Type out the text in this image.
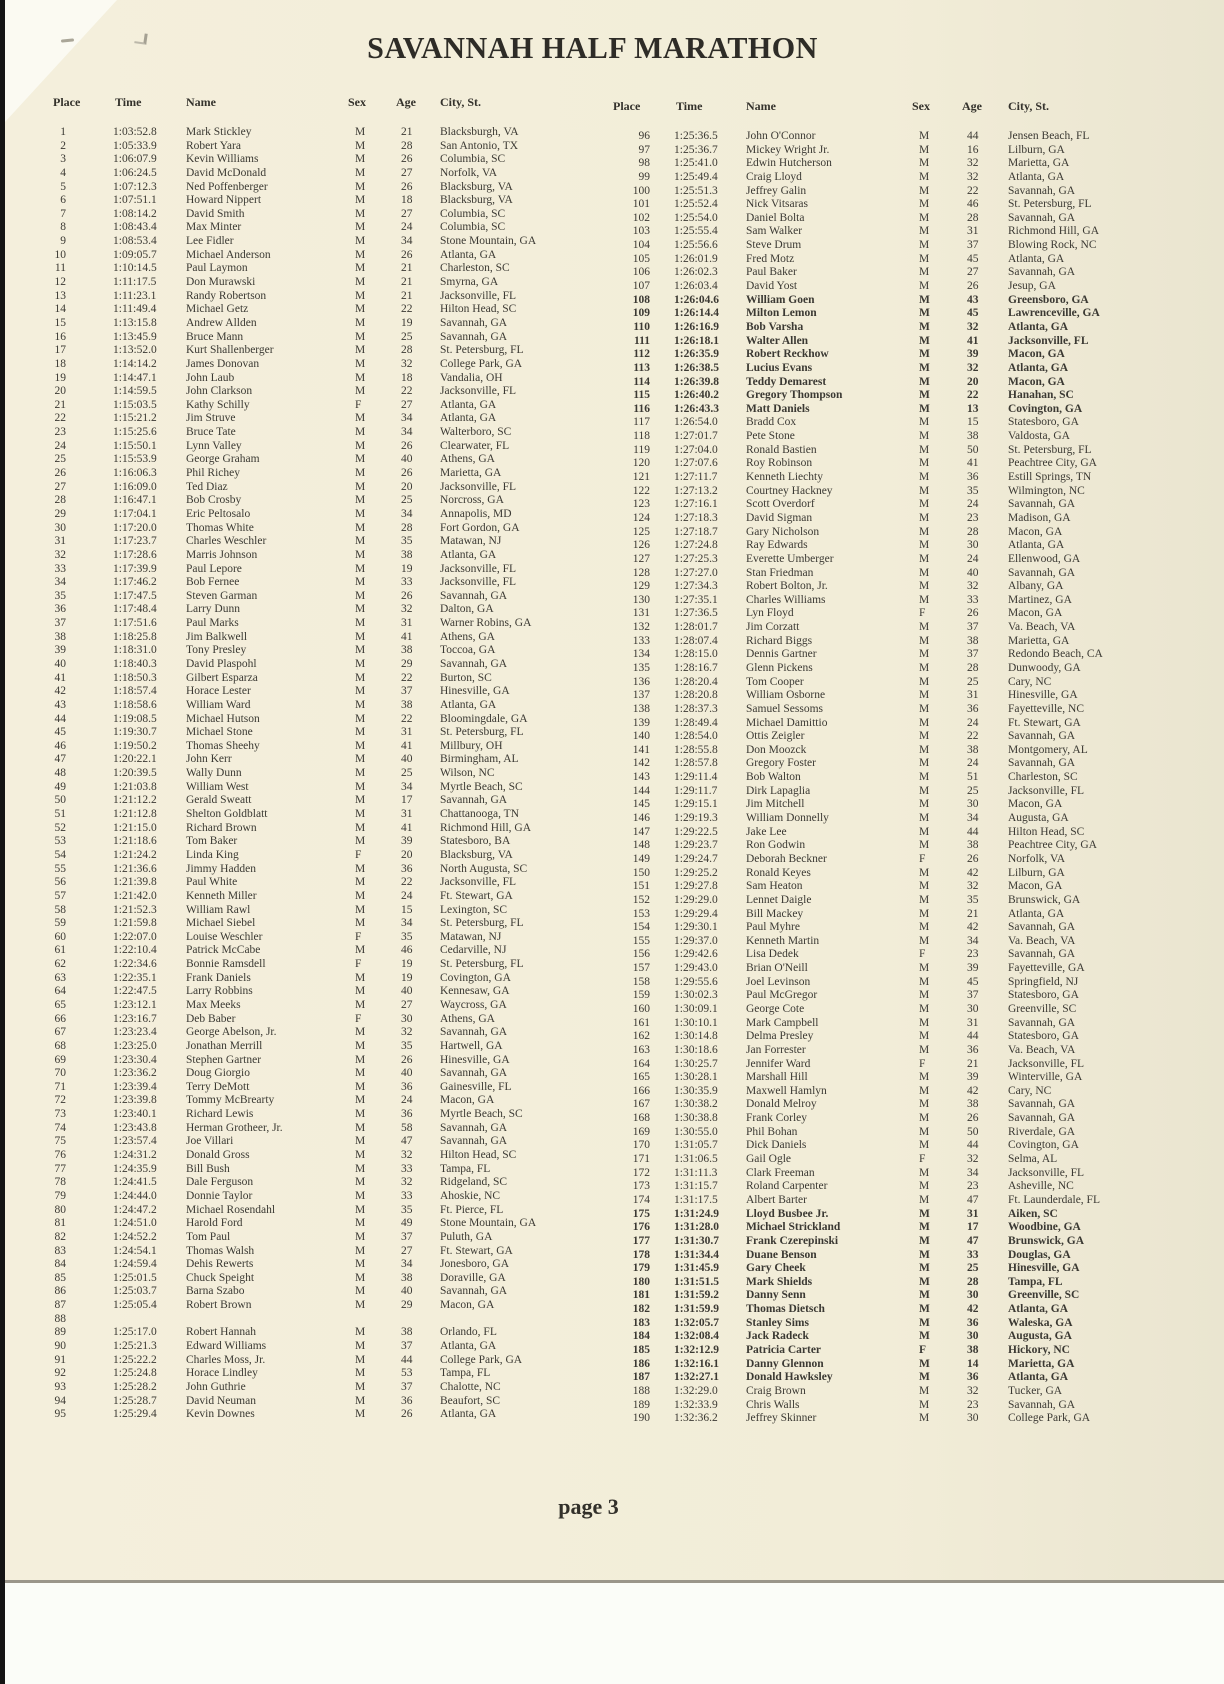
SAVANNAH HALF MARATHON
Place	Time	Name	Sex	Age	City, St.
1	1:03:52.8	Mark Stickley	M	21	Blacksburgh, VA
2	1:05:33.9	Robert Yara	M	28	San Antonio, TX
3	1:06:07.9	Kevin Williams	M	26	Columbia, SC
4	1:06:24.5	David McDonald	M	27	Norfolk, VA
5	1:07:12.3	Ned Poffenberger	M	26	Blacksburg, VA
6	1:07:51.1	Howard Nippert	M	18	Blacksburg, VA
7	1:08:14.2	David Smith	M	27	Columbia, SC
8	1:08:43.4	Max Minter	M	24	Columbia, SC
9	1:08:53.4	Lee Fidler	M	34	Stone Mountain, GA
10	1:09:05.7	Michael Anderson	M	26	Atlanta, GA
11	1:10:14.5	Paul Laymon	M	21	Charleston, SC
12	1:11:17.5	Don Murawski	M	21	Smyrna, GA
13	1:11:23.1	Randy Robertson	M	21	Jacksonville, FL
14	1:11:49.4	Michael Getz	M	22	Hilton Head, SC
15	1:13:15.8	Andrew Allden	M	19	Savannah, GA
16	1:13:45.9	Bruce Mann	M	25	Savannah, GA
17	1:13:52.0	Kurt Shallenberger	M	28	St. Petersburg, FL
18	1:14:14.2	James Donovan	M	32	College Park, GA
19	1:14:47.1	John Laub	M	18	Vandalia, OH
20	1:14:59.5	John Clarkson	M	22	Jacksonville, FL
21	1:15:03.5	Kathy Schilly	F	27	Atlanta, GA
22	1:15:21.2	Jim Struve	M	34	Atlanta, GA
23	1:15:25.6	Bruce Tate	M	34	Walterboro, SC
24	1:15:50.1	Lynn Valley	M	26	Clearwater, FL
25	1:15:53.9	George Graham	M	40	Athens, GA
26	1:16:06.3	Phil Richey	M	26	Marietta, GA
27	1:16:09.0	Ted Diaz	M	20	Jacksonville, FL
28	1:16:47.1	Bob Crosby	M	25	Norcross, GA
29	1:17:04.1	Eric Peltosalo	M	34	Annapolis, MD
30	1:17:20.0	Thomas White	M	28	Fort Gordon, GA
31	1:17:23.7	Charles Weschler	M	35	Matawan, NJ
32	1:17:28.6	Marris Johnson	M	38	Atlanta, GA
33	1:17:39.9	Paul Lepore	M	19	Jacksonville, FL
34	1:17:46.2	Bob Fernee	M	33	Jacksonville, FL
35	1:17:47.5	Steven Garman	M	26	Savannah, GA
36	1:17:48.4	Larry Dunn	M	32	Dalton, GA
37	1:17:51.6	Paul Marks	M	31	Warner Robins, GA
38	1:18:25.8	Jim Balkwell	M	41	Athens, GA
39	1:18:31.0	Tony Presley	M	38	Toccoa, GA
40	1:18:40.3	David Plaspohl	M	29	Savannah, GA
41	1:18:50.3	Gilbert Esparza	M	22	Burton, SC
42	1:18:57.4	Horace Lester	M	37	Hinesville, GA
43	1:18:58.6	William Ward	M	38	Atlanta, GA
44	1:19:08.5	Michael Hutson	M	22	Bloomingdale, GA
45	1:19:30.7	Michael Stone	M	31	St. Petersburg, FL
46	1:19:50.2	Thomas Sheehy	M	41	Millbury, OH
47	1:20:22.1	John Kerr	M	40	Birmingham, AL
48	1:20:39.5	Wally Dunn	M	25	Wilson, NC
49	1:21:03.8	William West	M	34	Myrtle Beach, SC
50	1:21:12.2	Gerald Sweatt	M	17	Savannah, GA
51	1:21:12.8	Shelton Goldblatt	M	31	Chattanooga, TN
52	1:21:15.0	Richard Brown	M	41	Richmond Hill, GA
53	1:21:18.6	Tom Baker	M	39	Statesboro, BA
54	1:21:24.2	Linda King	F	20	Blacksburg, VA
55	1:21:36.6	Jimmy Hadden	M	36	North Augusta, SC
56	1:21:39.8	Paul White	M	22	Jacksonville, FL
57	1:21:42.0	Kenneth Miller	M	24	Ft. Stewart, GA
58	1:21:52.3	William Rawl	M	15	Lexington, SC
59	1:21:59.8	Michael Siebel	M	34	St. Petersburg, FL
60	1:22:07.0	Louise Weschler	F	35	Matawan, NJ
61	1:22:10.4	Patrick McCabe	M	46	Cedarville, NJ
62	1:22:34.6	Bonnie Ramsdell	F	19	St. Petersburg, FL
63	1:22:35.1	Frank Daniels	M	19	Covington, GA
64	1:22:47.5	Larry Robbins	M	40	Kennesaw, GA
65	1:23:12.1	Max Meeks	M	27	Waycross, GA
66	1:23:16.7	Deb Baber	F	30	Athens, GA
67	1:23:23.4	George Abelson, Jr.	M	32	Savannah, GA
68	1:23:25.0	Jonathan Merrill	M	35	Hartwell, GA
69	1:23:30.4	Stephen Gartner	M	26	Hinesville, GA
70	1:23:36.2	Doug Giorgio	M	40	Savannah, GA
71	1:23:39.4	Terry DeMott	M	36	Gainesville, FL
72	1:23:39.8	Tommy McBrearty	M	24	Macon, GA
73	1:23:40.1	Richard Lewis	M	36	Myrtle Beach, SC
74	1:23:43.8	Herman Grotheer, Jr.	M	58	Savannah, GA
75	1:23:57.4	Joe Villari	M	47	Savannah, GA
76	1:24:31.2	Donald Gross	M	32	Hilton Head, SC
77	1:24:35.9	Bill Bush	M	33	Tampa, FL
78	1:24:41.5	Dale Ferguson	M	32	Ridgeland, SC
79	1:24:44.0	Donnie Taylor	M	33	Ahoskie, NC
80	1:24:47.2	Michael Rosendahl	M	35	Ft. Pierce, FL
81	1:24:51.0	Harold Ford	M	49	Stone Mountain, GA
82	1:24:52.2	Tom Paul	M	37	Puluth, GA
83	1:24:54.1	Thomas Walsh	M	27	Ft. Stewart, GA
84	1:24:59.4	Dehis Rewerts	M	34	Jonesboro, GA
85	1:25:01.5	Chuck Speight	M	38	Doraville, GA
86	1:25:03.7	Barna Szabo	M	40	Savannah, GA
87	1:25:05.4	Robert Brown	M	29	Macon, GA
88
89	1:25:17.0	Robert Hannah	M	38	Orlando, FL
90	1:25:21.3	Edward Williams	M	37	Atlanta, GA
91	1:25:22.2	Charles Moss, Jr.	M	44	College Park, GA
92	1:25:24.8	Horace Lindley	M	53	Tampa, FL
93	1:25:28.2	John Guthrie	M	37	Chalotte, NC
94	1:25:28.7	David Neuman	M	36	Beaufort, SC
95	1:25:29.4	Kevin Downes	M	26	Atlanta, GA
Place	Time	Name	Sex	Age	City, St.
96	1:25:36.5	John O'Connor	M	44	Jensen Beach, FL
97	1:25:36.7	Mickey Wright Jr.	M	16	Lilburn, GA
98	1:25:41.0	Edwin Hutcherson	M	32	Marietta, GA
99	1:25:49.4	Craig Lloyd	M	32	Atlanta, GA
100	1:25:51.3	Jeffrey Galin	M	22	Savannah, GA
101	1:25:52.4	Nick Vitsaras	M	46	St. Petersburg, FL
102	1:25:54.0	Daniel Bolta	M	28	Savannah, GA
103	1:25:55.4	Sam Walker	M	31	Richmond Hill, GA
104	1:25:56.6	Steve Drum	M	37	Blowing Rock, NC
105	1:26:01.9	Fred Motz	M	45	Atlanta, GA
106	1:26:02.3	Paul Baker	M	27	Savannah, GA
107	1:26:03.4	David Yost	M	26	Jesup, GA
108	1:26:04.6	William Goen	M	43	Greensboro, GA
109	1:26:14.4	Milton Lemon	M	45	Lawrenceville, GA
110	1:26:16.9	Bob Varsha	M	32	Atlanta, GA
111	1:26:18.1	Walter Allen	M	41	Jacksonville, FL
112	1:26:35.9	Robert Reckhow	M	39	Macon, GA
113	1:26:38.5	Lucius Evans	M	32	Atlanta, GA
114	1:26:39.8	Teddy Demarest	M	20	Macon, GA
115	1:26:40.2	Gregory Thompson	M	22	Hanahan, SC
116	1:26:43.3	Matt Daniels	M	13	Covington, GA
117	1:26:54.0	Bradd Cox	M	15	Statesboro, GA
118	1:27:01.7	Pete Stone	M	38	Valdosta, GA
119	1:27:04.0	Ronald Bastien	M	50	St. Petersburg, FL
120	1:27:07.6	Roy Robinson	M	41	Peachtree City, GA
121	1:27:11.7	Kenneth Liechty	M	36	Estill Springs, TN
122	1:27:13.2	Courtney Hackney	M	35	Wilmington, NC
123	1:27:16.1	Scott Overdorf	M	24	Savannah, GA
124	1:27:18.3	David Sigman	M	23	Madison, GA
125	1:27:18.7	Gary Nicholson	M	28	Macon, GA
126	1:27:24.8	Ray Edwards	M	30	Atlanta, GA
127	1:27:25.3	Everette Umberger	M	24	Ellenwood, GA
128	1:27:27.0	Stan Friedman	M	40	Savannah, GA
129	1:27:34.3	Robert Bolton, Jr.	M	32	Albany, GA
130	1:27:35.1	Charles Williams	M	33	Martinez, GA
131	1:27:36.5	Lyn Floyd	F	26	Macon, GA
132	1:28:01.7	Jim Corzatt	M	37	Va. Beach, VA
133	1:28:07.4	Richard Biggs	M	38	Marietta, GA
134	1:28:15.0	Dennis Gartner	M	37	Redondo Beach, CA
135	1:28:16.7	Glenn Pickens	M	28	Dunwoody, GA
136	1:28:20.4	Tom Cooper	M	25	Cary, NC
137	1:28:20.8	William Osborne	M	31	Hinesville, GA
138	1:28:37.3	Samuel Sessoms	M	36	Fayetteville, NC
139	1:28:49.4	Michael Damittio	M	24	Ft. Stewart, GA
140	1:28:54.0	Ottis Zeigler	M	22	Savannah, GA
141	1:28:55.8	Don Moozck	M	38	Montgomery, AL
142	1:28:57.8	Gregory Foster	M	24	Savannah, GA
143	1:29:11.4	Bob Walton	M	51	Charleston, SC
144	1:29:11.7	Dirk Lapaglia	M	25	Jacksonville, FL
145	1:29:15.1	Jim Mitchell	M	30	Macon, GA
146	1:29:19.3	William Donnelly	M	34	Augusta, GA
147	1:29:22.5	Jake Lee	M	44	Hilton Head, SC
148	1:29:23.7	Ron Godwin	M	38	Peachtree City, GA
149	1:29:24.7	Deborah Beckner	F	26	Norfolk, VA
150	1:29:25.2	Ronald Keyes	M	42	Lilburn, GA
151	1:29:27.8	Sam Heaton	M	32	Macon, GA
152	1:29:29.0	Lennet Daigle	M	35	Brunswick, GA
153	1:29:29.4	Bill Mackey	M	21	Atlanta, GA
154	1:29:30.1	Paul Myhre	M	42	Savannah, GA
155	1:29:37.0	Kenneth Martin	M	34	Va. Beach, VA
156	1:29:42.6	Lisa Dedek	F	23	Savannah, GA
157	1:29:43.0	Brian O'Neill	M	39	Fayetteville, GA
158	1:29:55.6	Joel Levinson	M	45	Springfield, NJ
159	1:30:02.3	Paul McGregor	M	37	Statesboro, GA
160	1:30:09.1	George Cote	M	30	Greenville, SC
161	1:30:10.1	Mark Campbell	M	31	Savannah, GA
162	1:30:14.8	Delma Presley	M	44	Statesboro, GA
163	1:30:18.6	Jan Forrester	M	36	Va. Beach, VA
164	1:30:25.7	Jennifer Ward	F	21	Jacksonville, FL
165	1:30:28.1	Marshall Hill	M	39	Winterville, GA
166	1:30:35.9	Maxwell Hamlyn	M	42	Cary, NC
167	1:30:38.2	Donald Melroy	M	38	Savannah, GA
168	1:30:38.8	Frank Corley	M	26	Savannah, GA
169	1:30:55.0	Phil Bohan	M	50	Riverdale, GA
170	1:31:05.7	Dick Daniels	M	44	Covington, GA
171	1:31:06.5	Gail Ogle	F	32	Selma, AL
172	1:31:11.3	Clark Freeman	M	34	Jacksonville, FL
173	1:31:15.7	Roland Carpenter	M	23	Asheville, NC
174	1:31:17.5	Albert Barter	M	47	Ft. Launderdale, FL
175	1:31:24.9	Lloyd Busbee Jr.	M	31	Aiken, SC
176	1:31:28.0	Michael Strickland	M	17	Woodbine, GA
177	1:31:30.7	Frank Czerepinski	M	47	Brunswick, GA
178	1:31:34.4	Duane Benson	M	33	Douglas, GA
179	1:31:45.9	Gary Cheek	M	25	Hinesville, GA
180	1:31:51.5	Mark Shields	M	28	Tampa, FL
181	1:31:59.2	Danny Senn	M	30	Greenville, SC
182	1:31:59.9	Thomas Dietsch	M	42	Atlanta, GA
183	1:32:05.7	Stanley Sims	M	36	Waleska, GA
184	1:32:08.4	Jack Radeck	M	30	Augusta, GA
185	1:32:12.9	Patricia Carter	F	38	Hickory, NC
186	1:32:16.1	Danny Glennon	M	14	Marietta, GA
187	1:32:27.1	Donald Hawksley	M	36	Atlanta, GA
188	1:32:29.0	Craig Brown	M	32	Tucker, GA
189	1:32:33.9	Chris Walls	M	23	Savannah, GA
190	1:32:36.2	Jeffrey Skinner	M	30	College Park, GA
page 3
